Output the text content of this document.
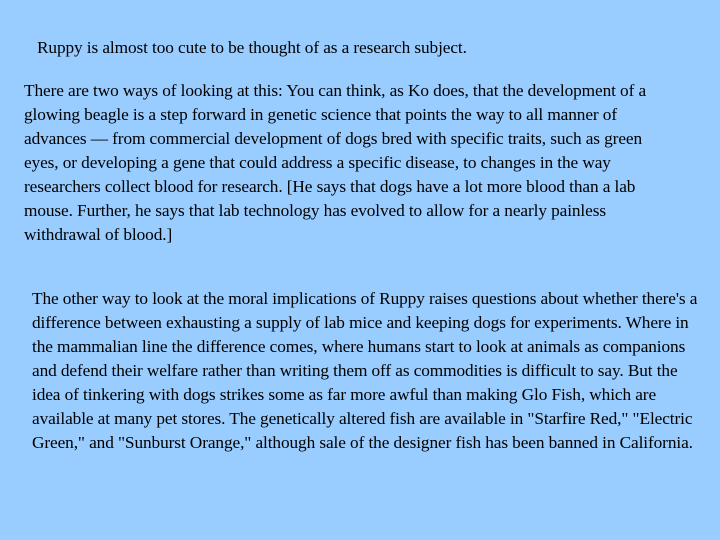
Ruppy is almost too cute to be thought of as a research subject.

There are two ways of looking at this: You can think, as Ko does, that the development of a glowing beagle is a step forward in genetic science that points the way to all manner of advances — from commercial development of dogs bred with specific traits, such as green eyes, or developing a gene that could address a specific disease, to changes in the way researchers collect blood for research. [He says that dogs have a lot more blood than a lab mouse. Further, he says that lab technology has evolved to allow for a nearly painless withdrawal of blood.]

The other way to look at the moral implications of Ruppy raises questions about whether there's a difference between exhausting a supply of lab mice and keeping dogs for experiments. Where in the mammalian line the difference comes, where humans start to look at animals as companions and defend their welfare rather than writing them off as commodities is difficult to say. But the idea of tinkering with dogs strikes some as far more awful than making Glo Fish, which are available at many pet stores. The genetically altered fish are available in "Starfire Red," "Electric Green," and "Sunburst Orange," although sale of the designer fish has been banned in California.
